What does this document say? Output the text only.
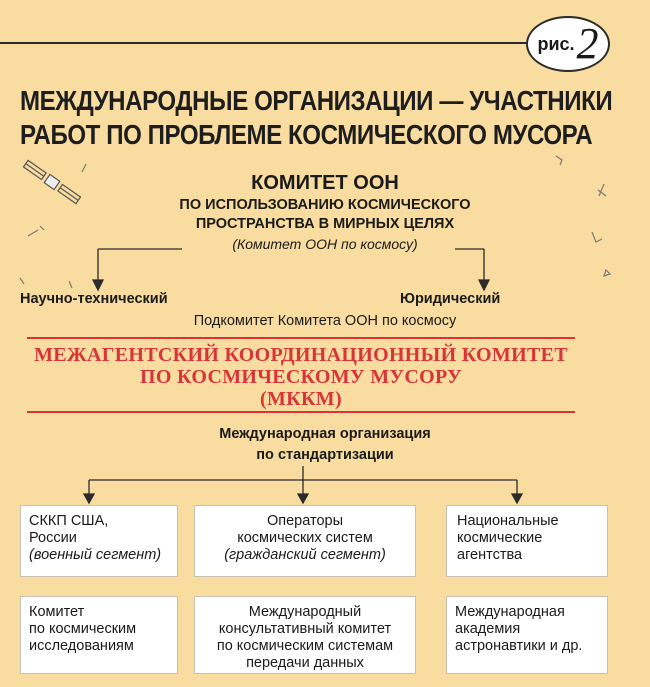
рис. 2
МЕЖДУНАРОДНЫЕ ОРГАНИЗАЦИИ — УЧАСТНИКИ
РАБОТ ПО ПРОБЛЕМЕ КОСМИЧЕСКОГО МУСОРА
КОМИТЕТ ООН
ПО ИСПОЛЬЗОВАНИЮ КОСМИЧЕСКОГО
ПРОСТРАНСТВА В МИРНЫХ ЦЕЛЯХ
(Комитет ООН по космосу)
Научно-технический	Юридический
Подкомитет Комитета ООН по космосу
МЕЖАГЕНТСКИЙ КООРДИНАЦИОННЫЙ КОМИТЕТ
ПО КОСМИЧЕСКОМУ МУСОРУ
(МККМ)
Международная организация
по стандартизации
СККП США,
России
(военный сегмент)
Операторы
космических систем
(гражданский сегмент)
Национальные
космические
агентства
Комитет
по космическим
исследованиям
Международный
консультативный комитет
по космическим системам
передачи данных
Международная
академия
астронавтики и др.
